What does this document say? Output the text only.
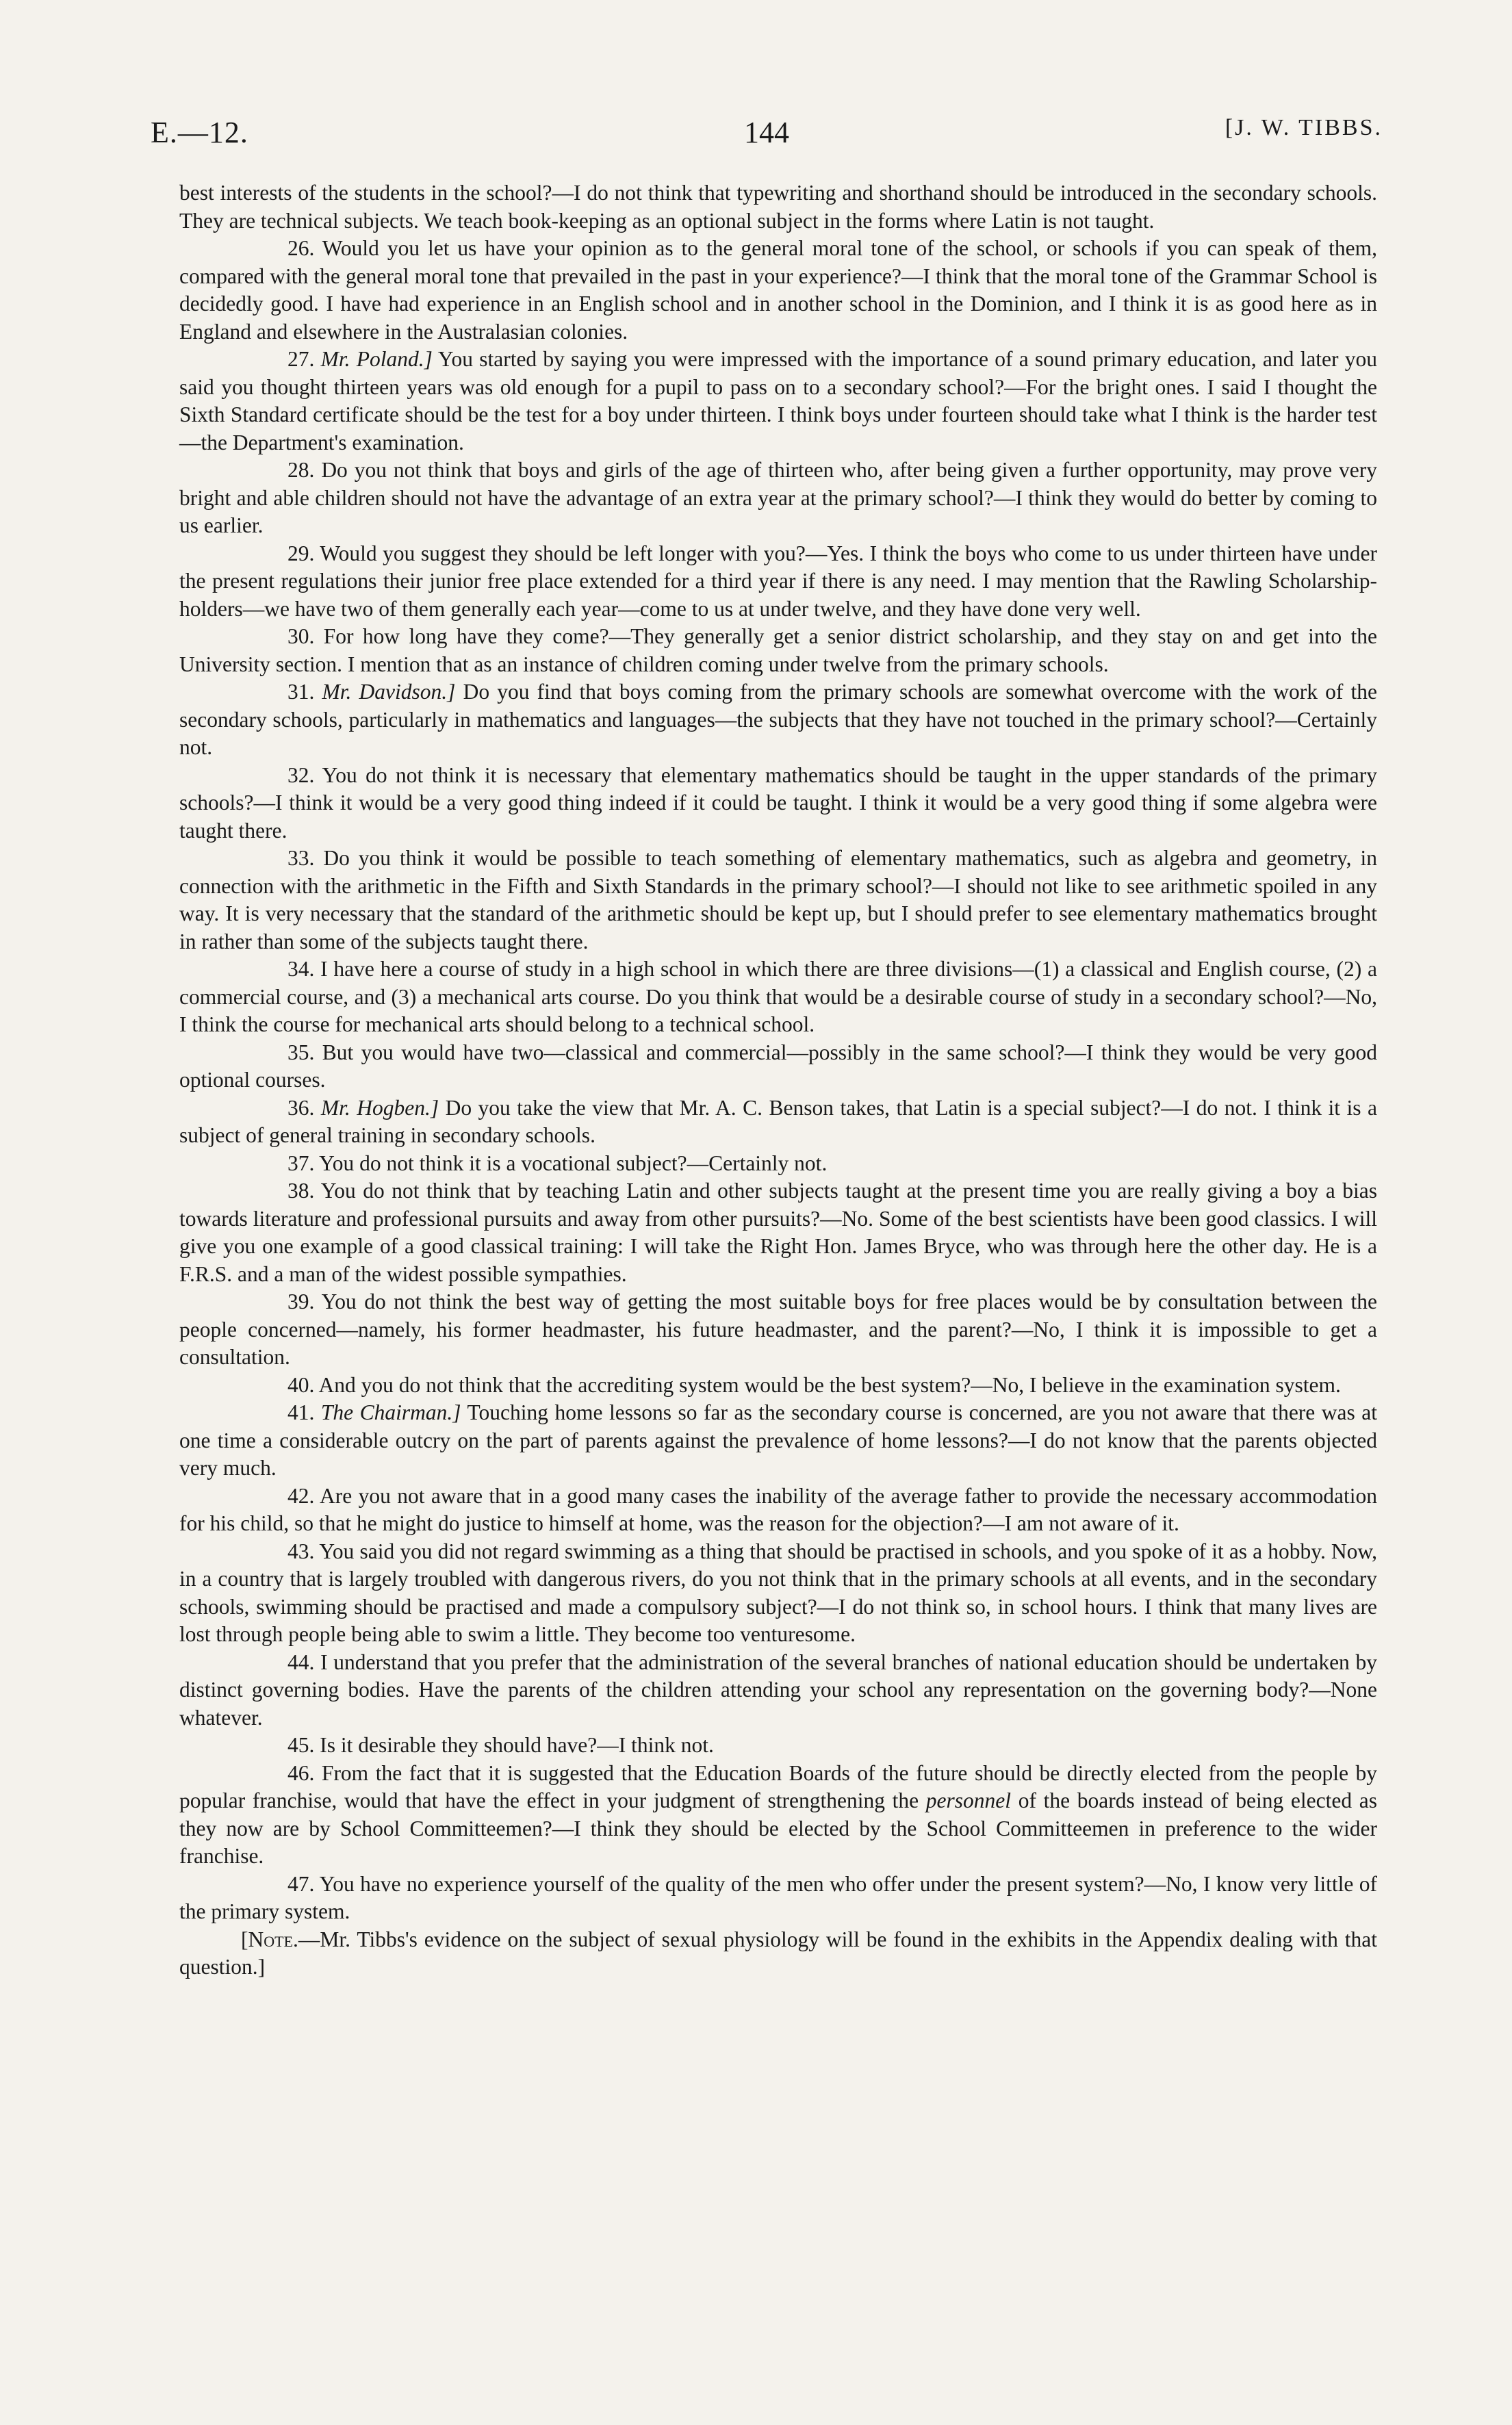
E.—12.	144	[J. W. TIBBS.

best interests of the students in the school?—I do not think that typewriting and shorthand should be introduced in the secondary schools. They are technical subjects. We teach book-keeping as an optional subject in the forms where Latin is not taught.

26. Would you let us have your opinion as to the general moral tone of the school, or schools if you can speak of them, compared with the general moral tone that prevailed in the past in your experience?—I think that the moral tone of the Grammar School is decidedly good. I have had experience in an English school and in another school in the Dominion, and I think it is as good here as in England and elsewhere in the Australasian colonies.

27. Mr. Poland.] You started by saying you were impressed with the importance of a sound primary education, and later you said you thought thirteen years was old enough for a pupil to pass on to a secondary school?—For the bright ones. I said I thought the Sixth Standard certificate should be the test for a boy under thirteen. I think boys under fourteen should take what I think is the harder test—the Department's examination.

28. Do you not think that boys and girls of the age of thirteen who, after being given a further opportunity, may prove very bright and able children should not have the advantage of an extra year at the primary school?—I think they would do better by coming to us earlier.

29. Would you suggest they should be left longer with you?—Yes. I think the boys who come to us under thirteen have under the present regulations their junior free place extended for a third year if there is any need. I may mention that the Rawling Scholarship-holders—we have two of them generally each year—come to us at under twelve, and they have done very well.

30. For how long have they come?—They generally get a senior district scholarship, and they stay on and get into the University section. I mention that as an instance of children coming under twelve from the primary schools.

31. Mr. Davidson.] Do you find that boys coming from the primary schools are somewhat overcome with the work of the secondary schools, particularly in mathematics and languages—the subjects that they have not touched in the primary school?—Certainly not.

32. You do not think it is necessary that elementary mathematics should be taught in the upper standards of the primary schools?—I think it would be a very good thing indeed if it could be taught. I think it would be a very good thing if some algebra were taught there.

33. Do you think it would be possible to teach something of elementary mathematics, such as algebra and geometry, in connection with the arithmetic in the Fifth and Sixth Standards in the primary school?—I should not like to see arithmetic spoiled in any way. It is very necessary that the standard of the arithmetic should be kept up, but I should prefer to see elementary mathematics brought in rather than some of the subjects taught there.

34. I have here a course of study in a high school in which there are three divisions—(1) a classical and English course, (2) a commercial course, and (3) a mechanical arts course. Do you think that would be a desirable course of study in a secondary school?—No, I think the course for mechanical arts should belong to a technical school.

35. But you would have two—classical and commercial—possibly in the same school?—I think they would be very good optional courses.

36. Mr. Hogben.] Do you take the view that Mr. A. C. Benson takes, that Latin is a special subject?—I do not. I think it is a subject of general training in secondary schools.

37. You do not think it is a vocational subject?—Certainly not.

38. You do not think that by teaching Latin and other subjects taught at the present time you are really giving a boy a bias towards literature and professional pursuits and away from other pursuits?—No. Some of the best scientists have been good classics. I will give you one example of a good classical training: I will take the Right Hon. James Bryce, who was through here the other day. He is a F.R.S. and a man of the widest possible sympathies.

39. You do not think the best way of getting the most suitable boys for free places would be by consultation between the people concerned—namely, his former headmaster, his future headmaster, and the parent?—No, I think it is impossible to get a consultation.

40. And you do not think that the accrediting system would be the best system?—No, I believe in the examination system.

41. The Chairman.] Touching home lessons so far as the secondary course is concerned, are you not aware that there was at one time a considerable outcry on the part of parents against the prevalence of home lessons?—I do not know that the parents objected very much.

42. Are you not aware that in a good many cases the inability of the average father to provide the necessary accommodation for his child, so that he might do justice to himself at home, was the reason for the objection?—I am not aware of it.

43. You said you did not regard swimming as a thing that should be practised in schools, and you spoke of it as a hobby. Now, in a country that is largely troubled with dangerous rivers, do you not think that in the primary schools at all events, and in the secondary schools, swimming should be practised and made a compulsory subject?—I do not think so, in school hours. I think that many lives are lost through people being able to swim a little. They become too venturesome.

44. I understand that you prefer that the administration of the several branches of national education should be undertaken by distinct governing bodies. Have the parents of the children attending your school any representation on the governing body?—None whatever.

45. Is it desirable they should have?—I think not.

46. From the fact that it is suggested that the Education Boards of the future should be directly elected from the people by popular franchise, would that have the effect in your judgment of strengthening the personnel of the boards instead of being elected as they now are by School Committeemen?—I think they should be elected by the School Committeemen in preference to the wider franchise.

47. You have no experience yourself of the quality of the men who offer under the present system?—No, I know very little of the primary system.

[Note.—Mr. Tibbs's evidence on the subject of sexual physiology will be found in the exhibits in the Appendix dealing with that question.]
